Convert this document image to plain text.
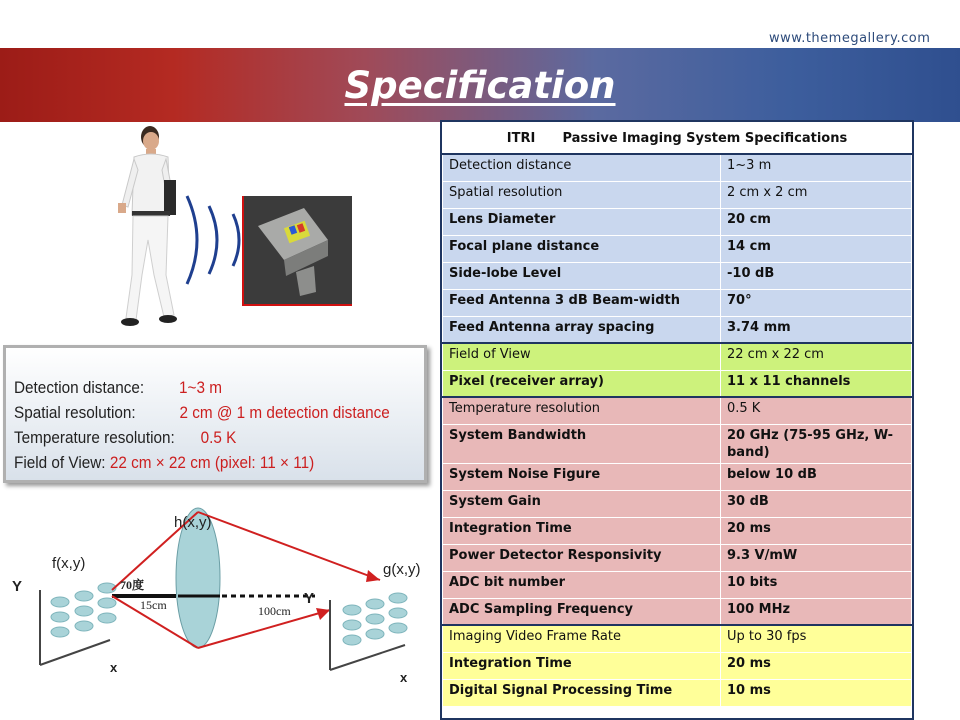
www.themegallery.com
Specification
Detection distance: 1~3 m
Spatial resolution:	2 cm @ 1 m detection distance
Temperature resolution: 0.5 K
Field of View: 22 cm × 22 cm (pixel: 11 × 11)
h(x,y)
f(x,y)	g(x,y)
Y
x
Y
x
70度
15cm	100cm
ITRI      Passive Imaging System Specifications	
Detection distance	1~3 m
Spatial resolution	2 cm x 2 cm
Lens Diameter	20 cm
Focal plane distance	14 cm
Side-lobe Level	-10 dB
Feed Antenna 3 dB Beam-width	70°
Feed Antenna array spacing	3.74 mm
Field of View	22 cm x 22 cm
Pixel (receiver array)	11 x 11 channels
Temperature resolution	0.5 K
System Bandwidth	20 GHz (75-95 GHz, W-band)
System Noise Figure	below 10 dB
System Gain	30 dB
Integration Time	20 ms
Power Detector Responsivity	9.3 V/mW
ADC bit number	10 bits
ADC Sampling Frequency	100 MHz
Imaging Video Frame Rate	Up to 30 fps
Integration Time	20 ms
Digital Signal Processing Time	10 ms
